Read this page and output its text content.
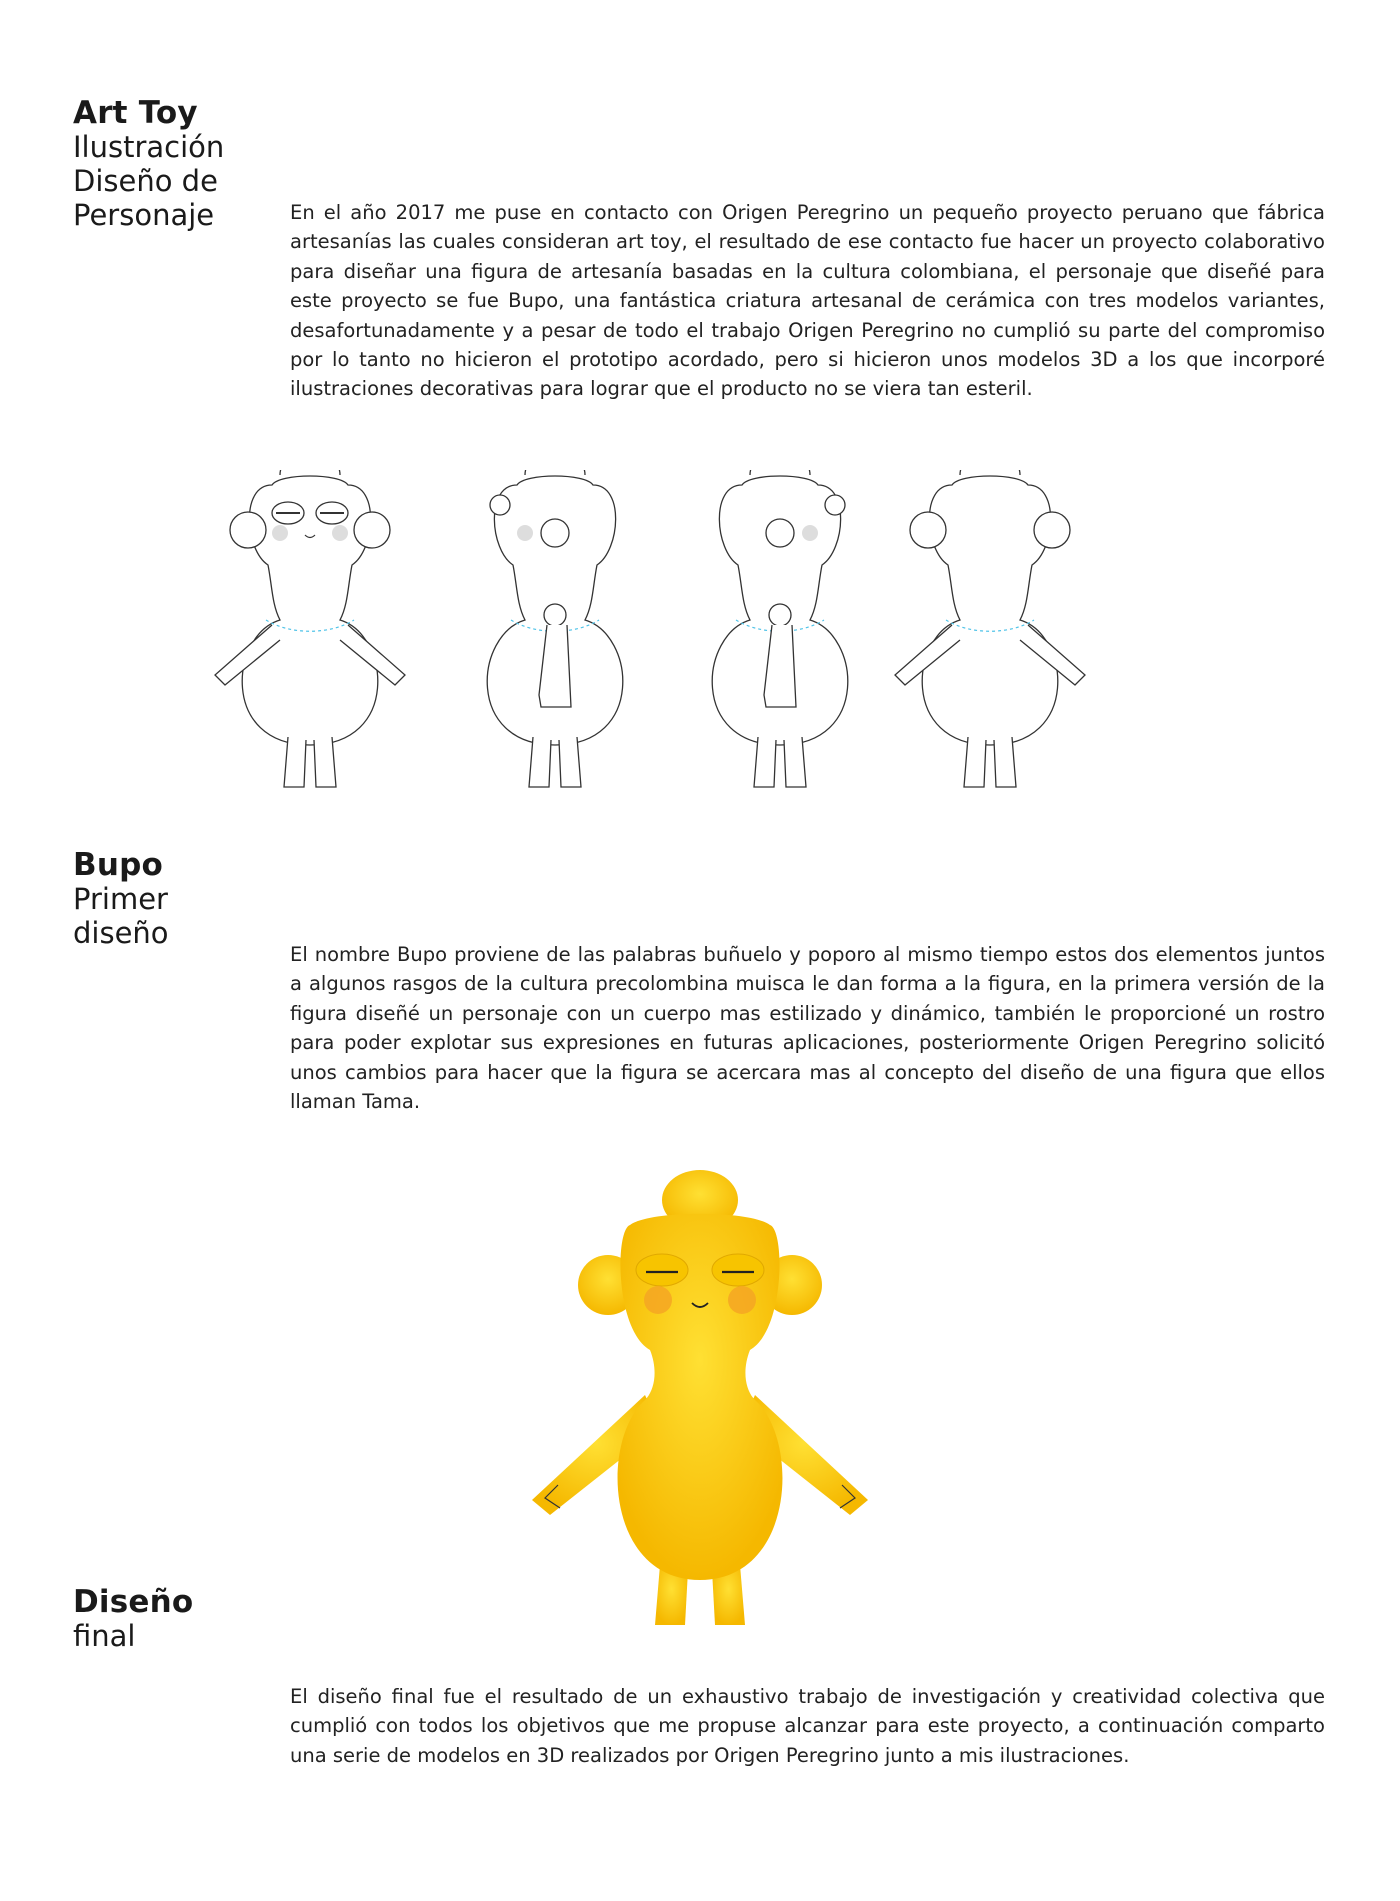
Art Toy
Ilustración
Diseño de
Personaje	En el año 2017 me puse en contacto con Origen Peregrino un pequeño proyecto peruano que fábrica artesanías las cuales consideran art toy, el resultado de ese contacto fue hacer un proyecto colaborativo para diseñar una figura de artesanía basadas en la cultura colombiana, el personaje que diseñé para este proyecto se fue Bupo, una fantástica criatura artesanal de cerámica con tres modelos variantes, desafortunadamente y a pesar de todo el trabajo Origen Peregrino no cumplió su parte del compromiso por lo tanto no hicieron el prototipo acordado, pero si hicieron unos modelos 3D a los que incorporé ilustraciones decorativas para lograr que el producto no se viera tan esteril.

Bupo
Primer
diseño

El nombre Bupo proviene de las palabras buñuelo y poporo al mismo tiempo estos dos elementos juntos a algunos rasgos de la cultura precolombina muisca le dan forma a la figura, en la primera versión de la figura diseñé un personaje con un cuerpo mas estilizado y dinámico, también le proporcioné un rostro para poder explotar sus expresiones en futuras aplicaciones, posteriormente Origen Peregrino solicitó unos cambios para hacer que la figura se acercara mas al concepto del diseño de una figura que ellos llaman Tama.

Diseño
final

El diseño final fue el resultado de un exhaustivo trabajo de investigación y creatividad colectiva que cumplió con todos los objetivos que me propuse alcanzar para este proyecto, a continuación comparto una serie de modelos en 3D realizados por Origen Peregrino junto a mis ilustraciones.
